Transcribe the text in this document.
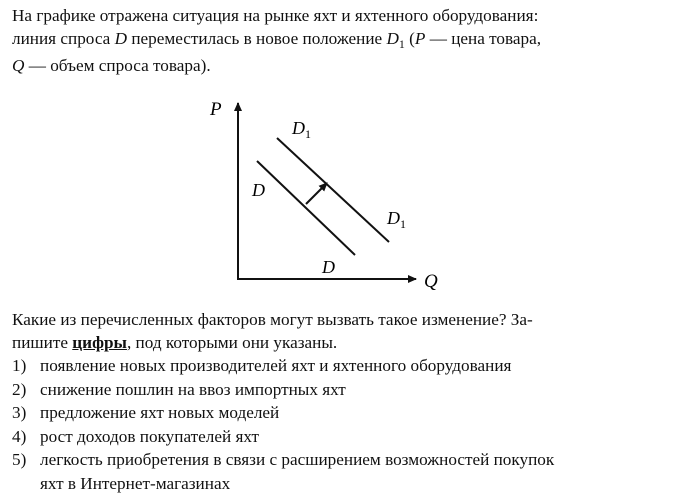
На графике отражена ситуация на рынке яхт и яхтенного оборудования:
линия спроса D переместилась в новое положение $D_1$ (P — цена товара,
Q — объем спроса товара).
P
Q
D
D
$D_1$
$D_1$
Какие из перечисленных факторов могут вызвать такое изменение? За-
пишите цифры, под которыми они указаны.
1) появление новых производителей яхт и яхтенного оборудования
2) снижение пошлин на ввоз импортных яхт
3) предложение яхт новых моделей
4) рост доходов покупателей яхт
5) легкость приобретения в связи с расширением возможностей покупок
яхт в Интернет-магазинах
